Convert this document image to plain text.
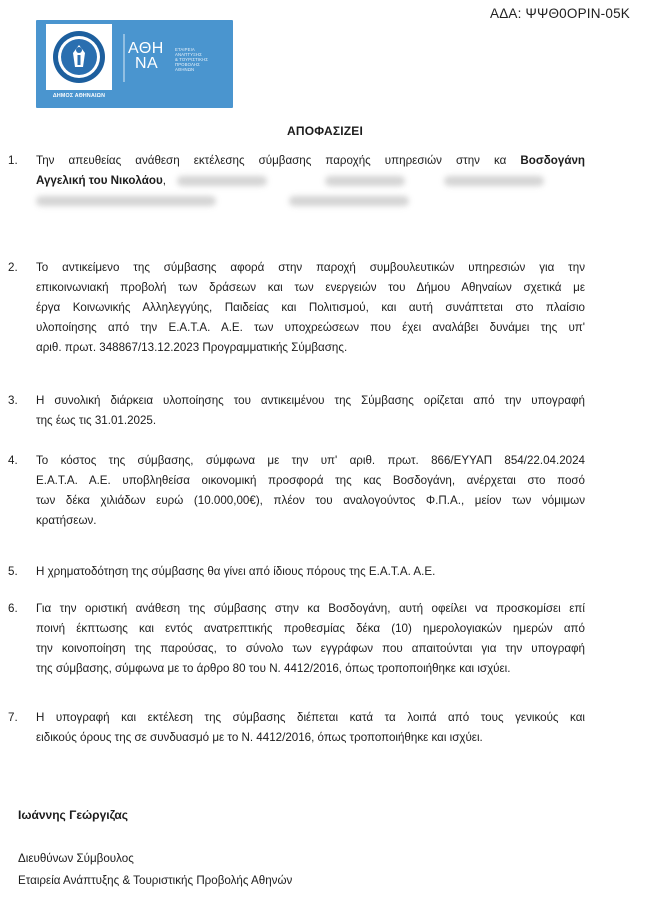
ΑΔΑ: ΨΨΘ0ΟΡΙΝ-05Κ
ΔΗΜΟΣ ΑΘΗΝΑΙΩΝ
ΑΘΗ
ΝΑ
ΕΤΑΙΡΕΙΑ
ΑΝΑΠΤΥΞΗΣ
& ΤΟΥΡΙΣΤΙΚΗΣ
ΠΡΟΒΟΛΗΣ
ΑΘΗΝΩΝ
ΑΠΟΦΑΣΙΖΕΙ
1. Την απευθείας ανάθεση εκτέλεσης σύμβασης παροχής υπηρεσιών στην κα Βοσδογάνη
Αγγελική του Νικολάου,

2. Το αντικείμενο της σύμβασης αφορά στην παροχή συμβουλευτικών υπηρεσιών για την
επικοινωνιακή προβολή των δράσεων και των ενεργειών του Δήμου Αθηναίων σχετικά με
έργα Κοινωνικής Αλληλεγγύης, Παιδείας και Πολιτισμού, και αυτή συνάπτεται στο πλαίσιο
υλοποίησης από την Ε.Α.Τ.Α. Α.Ε. των υποχρεώσεων που έχει αναλάβει δυνάμει της υπ'
αριθ. πρωτ. 348867/13.12.2023 Προγραμματικής Σύμβασης.
3. Η συνολική διάρκεια υλοποίησης του αντικειμένου της Σύμβασης ορίζεται από την υπογραφή
της έως τις 31.01.2025.
4. Το κόστος της σύμβασης, σύμφωνα με την υπ' αριθ. πρωτ. 866/ΕΥΥΑΠ 854/22.04.2024
Ε.Α.Τ.Α. Α.Ε. υποβληθείσα οικονομική προσφορά της κας Βοσδογάνη, ανέρχεται στο ποσό
των δέκα χιλιάδων ευρώ (10.000,00€), πλέον του αναλογούντος Φ.Π.Α., μείον των νόμιμων
κρατήσεων.
5. Η χρηματοδότηση της σύμβασης θα γίνει από ίδιους πόρους της Ε.Α.Τ.Α. Α.Ε.
6. Για την οριστική ανάθεση της σύμβασης στην κα Βοσδογάνη, αυτή οφείλει να προσκομίσει επί
ποινή έκπτωσης και εντός ανατρεπτικής προθεσμίας δέκα (10) ημερολογιακών ημερών από
την κοινοποίηση της παρούσας, το σύνολο των εγγράφων που απαιτούνται για την υπογραφή
της σύμβασης, σύμφωνα με το άρθρο 80 του Ν. 4412/2016, όπως τροποποιήθηκε και ισχύει.
7. Η υπογραφή και εκτέλεση της σύμβασης διέπεται κατά τα λοιπά από τους γενικούς και
ειδικούς όρους της σε συνδυασμό με το Ν. 4412/2016, όπως τροποποιήθηκε και ισχύει.
Ιωάννης Γεώργιζας
Διευθύνων Σύμβουλος
Εταιρεία Ανάπτυξης & Τουριστικής Προβολής Αθηνών
